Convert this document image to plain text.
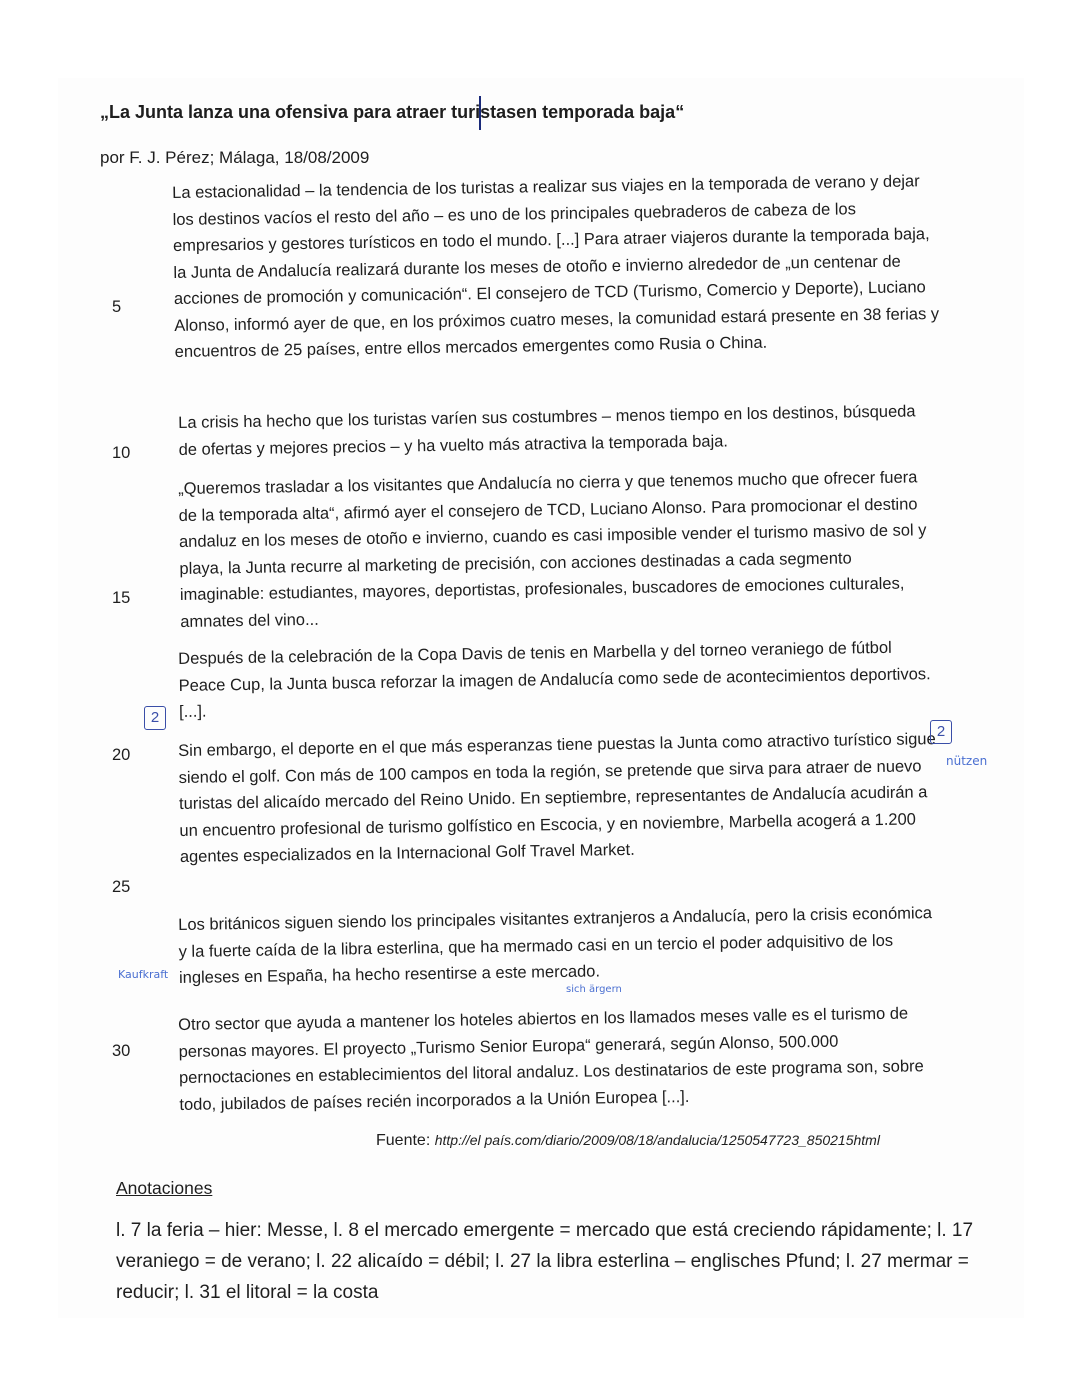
„La Junta lanza una ofensiva para atraer turistasen temporada baja“
por F. J. Pérez; Málaga, 18/08/2009
La estacionalidad – la tendencia de los turistas a realizar sus viajes en la temporada de verano y dejar los destinos vacíos el resto del año – es uno de los principales quebraderos de cabeza de los empresarios y gestores turísticos en todo el mundo. [...] Para atraer viajeros durante la temporada baja, la Junta de Andalucía realizará durante los meses de otoño e invierno alrededor de „un centenar de acciones de promoción y comunicación“. El consejero de TCD (Turismo, Comercio y Deporte), Luciano Alonso, informó ayer de que, en los próximos cuatro meses, la comunidad estará presente en 38 ferias y encuentros de 25 países, entre ellos mercados emergentes como Rusia o China.
La crisis ha hecho que los turistas varíen sus costumbres – menos tiempo en los destinos, búsqueda de ofertas y mejores precios – y ha vuelto más atractiva la temporada baja.
„Queremos trasladar a los visitantes que Andalucía no cierra y que tenemos mucho que ofrecer fuera de la temporada alta“, afirmó ayer el consejero de TCD, Luciano Alonso. Para promocionar el destino andaluz en los meses de otoño e invierno, cuando es casi imposible vender el turismo masivo de sol y playa, la Junta recurre al marketing de precisión, con acciones destinadas a cada segmento imaginable: estudiantes, mayores, deportistas, profesionales, buscadores de emociones culturales, amnates del vino...
Después de la celebración de la Copa Davis de tenis en Marbella y del torneo veraniego de fútbol Peace Cup, la Junta busca reforzar la imagen de Andalucía como sede de acontecimientos deportivos. [...].
Sin embargo, el deporte en el que más esperanzas tiene puestas la Junta como atractivo turístico sigue siendo el golf. Con más de 100 campos en toda la región, se pretende que sirva para atraer de nuevo turistas del alicaído mercado del Reino Unido. En septiembre, representantes de Andalucía acudirán a un encuentro profesional de turismo golfístico en Escocia, y en noviembre, Marbella acogerá a 1.200 agentes especializados en la Internacional Golf Travel Market.
Los británicos siguen siendo los principales visitantes extranjeros a Andalucía, pero la crisis económica y la fuerte caída de la libra esterlina, que ha mermado casi en un tercio el poder adquisitivo de los ingleses en España, ha hecho resentirse a este mercado.
Otro sector que ayuda a mantener los hoteles abiertos en los llamados meses valle es el turismo de personas mayores. El proyecto „Turismo Senior Europa“ generará, según Alonso, 500.000 pernoctaciones en establecimientos del litoral andaluz. Los destinatarios de este programa son, sobre todo, jubilados de países recién incorporados a la Unión Europea [...].
5
10
15
20
25
30
2
2
nützen
Kaufkraft
sich ärgern
Fuente: http://el país.com/diario/2009/08/18/andalucia/1250547723_850215html
Anotaciones
l. 7 la feria – hier: Messe, l. 8 el mercado emergente = mercado que está creciendo rápidamente; l. 17 veraniego = de verano; l. 22 alicaído = débil; l. 27 la libra esterlina – englisches Pfund; l. 27 mermar = reducir; l. 31 el litoral = la costa
